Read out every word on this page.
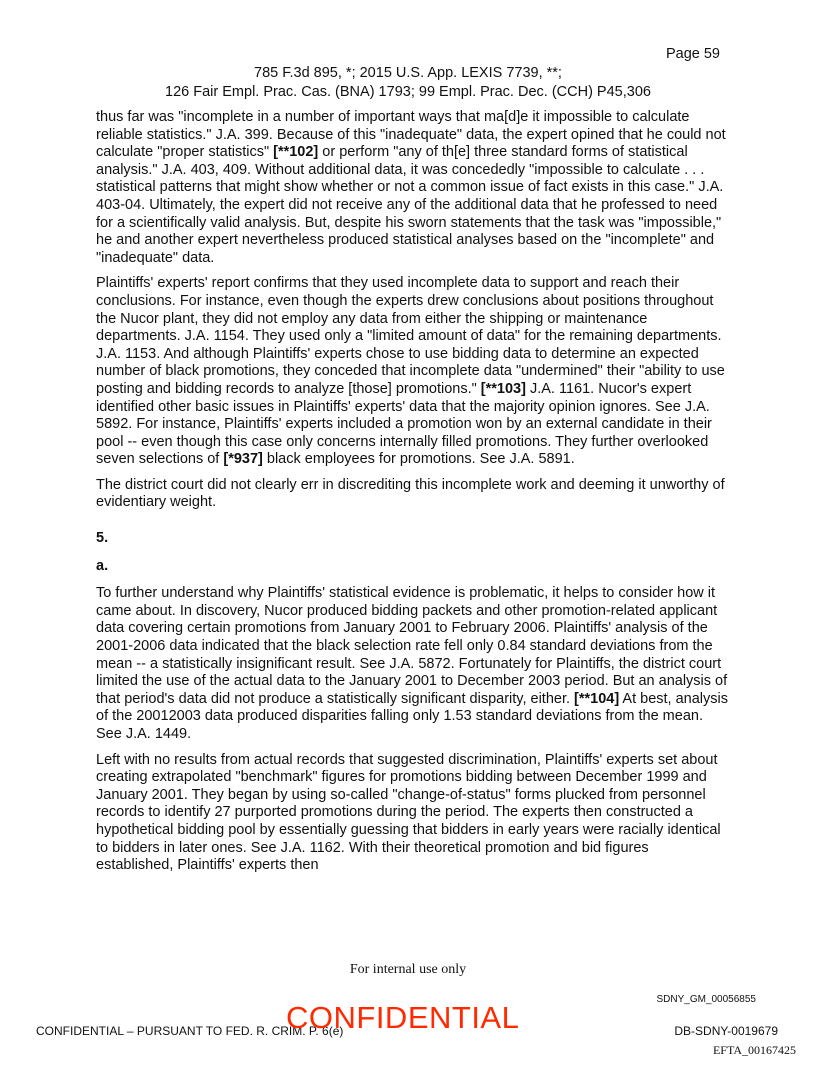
Page 59
785 F.3d 895, *; 2015 U.S. App. LEXIS 7739, **;
126 Fair Empl. Prac. Cas. (BNA) 1793; 99 Empl. Prac. Dec. (CCH) P45,306

thus far was "incomplete in a number of important ways that ma[d]e it impossible to calculate reliable statistics." J.A. 399. Because of this "inadequate" data, the expert opined that he could not calculate "proper statistics" [**102] or perform "any of th[e] three standard forms of statistical analysis." J.A. 403, 409. Without additional data, it was concededly "impossible to calculate . . . statistical patterns that might show whether or not a common issue of fact exists in this case." J.A. 403-04. Ultimately, the expert did not receive any of the additional data that he professed to need for a scientifically valid analysis. But, despite his sworn statements that the task was "impossible," he and another expert nevertheless produced statistical analyses based on the "incomplete" and "inadequate" data.

Plaintiffs' experts' report confirms that they used incomplete data to support and reach their conclusions. For instance, even though the experts drew conclusions about positions throughout the Nucor plant, they did not employ any data from either the shipping or maintenance departments. J.A. 1154. They used only a "limited amount of data" for the remaining departments. J.A. 1153. And although Plaintiffs' experts chose to use bidding data to determine an expected number of black promotions, they conceded that incomplete data "undermined" their "ability to use posting and bidding records to analyze [those] promotions." [**103] J.A. 1161. Nucor's expert identified other basic issues in Plaintiffs' experts' data that the majority opinion ignores. See J.A. 5892. For instance, Plaintiffs' experts included a promotion won by an external candidate in their pool -- even though this case only concerns internally filled promotions. They further overlooked seven selections of [*937] black employees for promotions. See J.A. 5891.

The district court did not clearly err in discrediting this incomplete work and deeming it unworthy of evidentiary weight.

5.

a.

To further understand why Plaintiffs' statistical evidence is problematic, it helps to consider how it came about. In discovery, Nucor produced bidding packets and other promotion-related applicant data covering certain promotions from January 2001 to February 2006. Plaintiffs' analysis of the 2001-2006 data indicated that the black selection rate fell only 0.84 standard deviations from the mean -- a statistically insignificant result. See J.A. 5872. Fortunately for Plaintiffs, the district court limited the use of the actual data to the January 2001 to December 2003 period. But an analysis of that period's data did not produce a statistically significant disparity, either. [**104] At best, analysis of the 20012003 data produced disparities falling only 1.53 standard deviations from the mean. See J.A. 1449.

Left with no results from actual records that suggested discrimination, Plaintiffs' experts set about creating extrapolated "benchmark" figures for promotions bidding between December 1999 and January 2001. They began by using so-called "change-of-status" forms plucked from personnel records to identify 27 purported promotions during the period. The experts then constructed a hypothetical bidding pool by essentially guessing that bidders in early years were racially identical to bidders in later ones. See J.A. 1162. With their theoretical promotion and bid figures established, Plaintiffs' experts then

For internal use only
SDNY_GM_00056855
CONFIDENTIAL – PURSUANT TO FED. R. CRIM. P. 6(e)
CONFIDENTIAL	DB-SDNY-0019679
EFTA_00167425
